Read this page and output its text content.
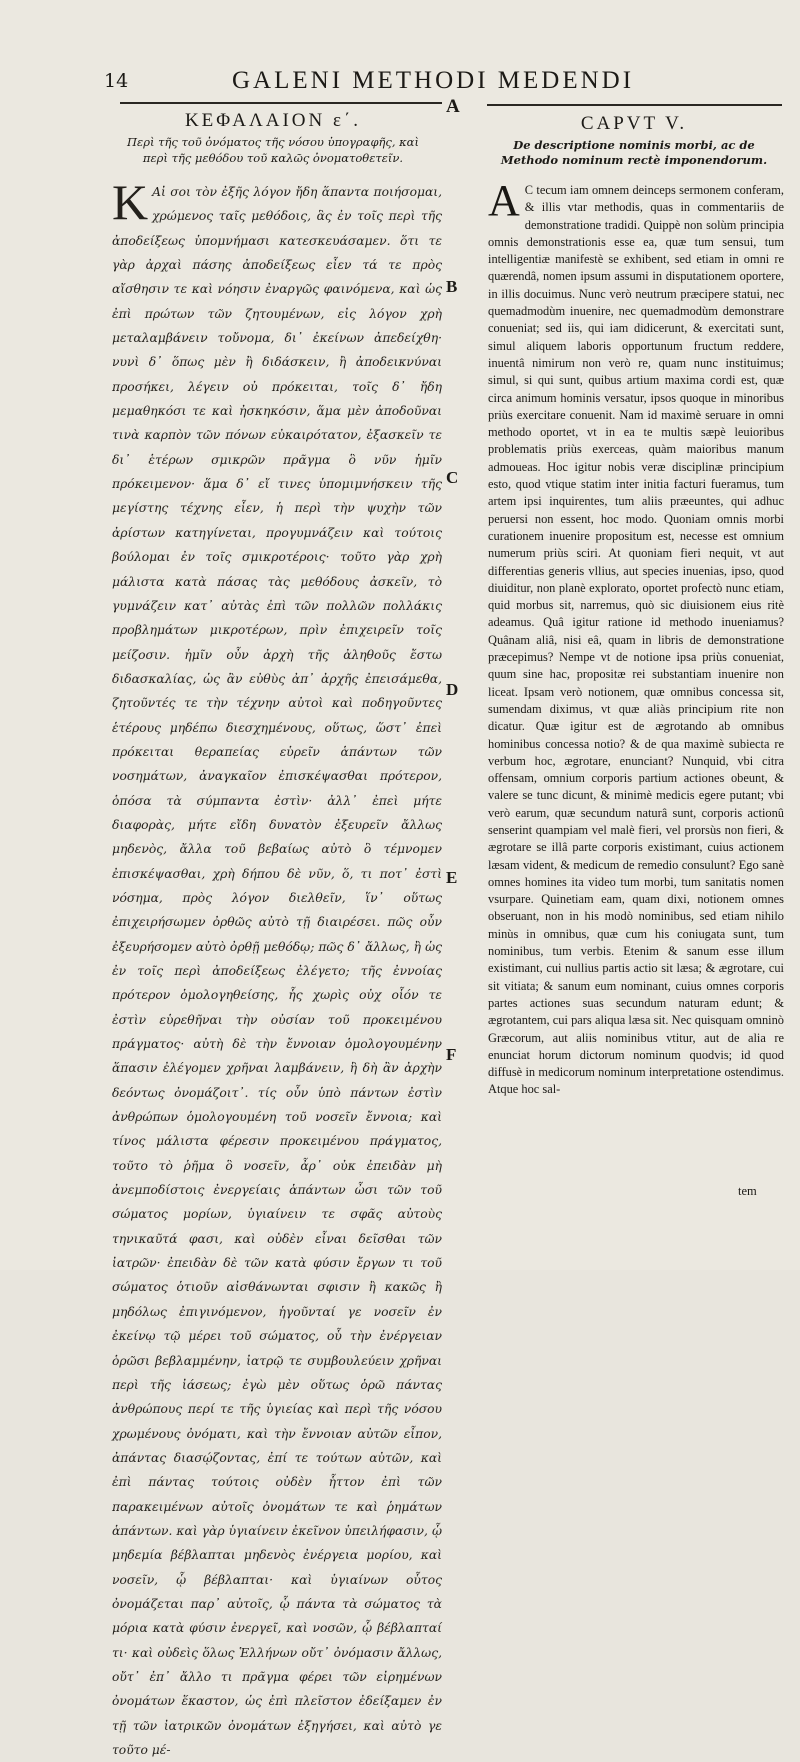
14	GALENI METHODI MEDENDI
A
ΚΕΦΑΛΑΙΟΝ ε΄.
Περὶ τῆς τοῦ ὀνόματος τῆς νόσου ὑπογραφῆς, καὶ περὶ τῆς μεθόδου τοῦ καλῶς ὀνοματοθετεῖν.
CAPVT V.
De descriptione nominis morbi, ac de Methodo nominum rectè imponendorum.
Κ Αἰ σοι τὸν ἐξῆς λόγον ἤδη ἅπαντα ποιήσομαι, χρώμενος ταῖς μεθόδοις, ἃς ἐν τοῖς περὶ τῆς ἀποδείξεως ὑπομνήμασι κατεσκευάσαμεν. ὅτι τε γὰρ ἀρχαὶ πάσης ἀποδείξεως εἶεν τά τε πρὸς αἴσθησιν τε καὶ νόησιν ἐναργῶς φαινόμενα, καὶ ὡς ἐπὶ πρώτων τῶν ζητουμένων, εἰς λόγον χρὴ μεταλαμβάνειν τοὔνομα, δι᾽ ἐκείνων ἀπεδείχθη· νυνὶ δ᾽ ὅπως μὲν ἢ διδάσκειν, ἢ ἀποδεικνύναι προσήκει, λέγειν οὐ πρόκειται, τοῖς δ᾽ ἤδη μεμαθηκόσι τε καὶ ἠσκηκόσιν, ἅμα μὲν ἀποδοῦναι τινὰ καρπὸν τῶν πόνων εὐκαιρότατον, ἐξασκεῖν τε δι᾽ ἑτέρων σμικρῶν πρᾶγμα ὃ νῦν ἡμῖν πρόκειμενον· ἅμα δ᾽ εἴ τινες ὑπομιμνήσκειν τῆς μεγίστης τέχνης εἶεν, ἡ περὶ τὴν ψυχὴν τῶν ἀρίστων κατηγίνεται, προγυμνάζειν καὶ τούτοις βούλομαι ἐν τοῖς σμικροτέροις· τοῦτο γὰρ χρὴ μάλιστα κατὰ πάσας τὰς μεθόδους ἀσκεῖν, τὸ γυμνάζειν κατ᾽ αὐτὰς ἐπὶ τῶν πολλῶν πολλάκις προβλημάτων μικροτέρων, πρὶν ἐπιχειρεῖν τοῖς μείζοσιν. ἡμῖν οὖν ἀρχὴ τῆς ἀληθοῦς ἔστω διδασκαλίας, ὡς ἂν εὐθὺς ἀπ᾽ ἀρχῆς ἐπεισάμεθα, ζητοῦντές τε τὴν τέχνην αὐτοὶ καὶ ποδηγοῦντες ἑτέρους μηδέπω διεσχημένους, οὕτως, ὥστ᾽ ἐπεὶ πρόκειται θεραπείας εὑρεῖν ἁπάντων τῶν νοσημάτων, ἀναγκαῖον ἐπισκέψασθαι πρότερον, ὁπόσα τὰ σύμπαντα ἐστὶν· ἀλλ᾽ ἐπεὶ μήτε διαφορὰς, μήτε εἴδη δυνατὸν ἐξευρεῖν ἄλλως μηδενὸς, ἄλλα τοῦ βεβαίως αὐτὸ ὃ τέμνομεν ἐπισκέψασθαι, χρὴ δήπου δὲ νῦν, ὅ, τι ποτ᾽ ἐστὶ νόσημα, πρὸς λόγον διελθεῖν, ἵν᾽ οὕτως ἐπιχειρήσωμεν ὀρθῶς αὐτὸ τῇ διαιρέσει. πῶς οὖν ἐξευρήσομεν αὐτὸ ὀρθῇ μεθόδῳ; πῶς δ᾽ ἄλλως, ἢ ὡς ἐν τοῖς περὶ ἀποδείξεως ἐλέγετο; τῆς ἐννοίας πρότερον ὁμολογηθείσης, ἧς χωρὶς οὐχ οἷόν τε ἐστὶν εὑρεθῆναι τὴν οὐσίαν τοῦ προκειμένου πράγματος· αὐτὴ δὲ τὴν ἔννοιαν ὁμολογουμένην ἅπασιν ἐλέγομεν χρῆναι λαμβάνειν, ἣ δὴ ἂν ἀρχὴν δεόντως ὀνομάζοιτ᾽. τίς οὖν ὑπὸ πάντων ἐστὶν ἀνθρώπων ὁμολογουμένη τοῦ νοσεῖν ἔννοια; καὶ τίνος μάλιστα φέρεσιν προκειμένου πράγματος, τοῦτο τὸ ῥῆμα ὃ νοσεῖν, ἆρ᾽ οὐκ ἐπειδὰν μὴ ἀνεμποδίστοις ἐνεργείαις ἁπάντων ὦσι τῶν τοῦ σώματος μορίων, ὑγιαίνειν τε σφᾶς αὐτοὺς τηνικαῦτά φασι, καὶ οὐδὲν εἶναι δεῖσθαι τῶν ἰατρῶν· ἐπειδὰν δὲ τῶν κατὰ φύσιν ἔργων τι τοῦ σώματος ὁτιοῦν αἰσθάνωνται σφισιν ἢ κακῶς ἢ μηδόλως ἐπιγινόμενον, ἡγοῦνταί γε νοσεῖν ἐν ἐκείνῳ τῷ μέρει τοῦ σώματος, οὗ τὴν ἐνέργειαν ὁρῶσι βεβλαμμένην, ἰατρῷ τε συμβουλεύειν χρῆναι περὶ τῆς ἰάσεως; ἐγὼ μὲν οὕτως ὁρῶ πάντας ἀνθρώπους περί τε τῆς ὑγιείας καὶ περὶ τῆς νόσου χρωμένους ὀνόματι, καὶ τὴν ἔννοιαν αὐτῶν εἶπον, ἀπάντας διασῴζοντας, ἐπί τε τούτων αὐτῶν, καὶ ἐπὶ πάντας τούτοις οὐδὲν ἧττον ἐπὶ τῶν παρακειμένων αὐτοῖς ὀνομάτων τε καὶ ῥημάτων ἁπάντων. καὶ γὰρ ὑγιαίνειν ἐκεῖνον ὑπειλήφασιν, ᾧ μηδεμία βέβλαπται μηδενὸς ἐνέργεια μορίου, καὶ νοσεῖν, ᾧ βέβλαπται· καὶ ὑγιαίνων οὗτος ὀνομάζεται παρ᾽ αὐτοῖς, ᾧ πάντα τὰ σώματος τὰ μόρια κατὰ φύσιν ἐνεργεῖ, καὶ νοσῶν, ᾧ βέβλαπταί τι· καὶ οὐδεὶς ὅλως Ἑλλήνων οὔτ᾽ ὀνόμασιν ἄλλως, οὔτ᾽ ἐπ᾽ ἄλλο τι πρᾶγμα φέρει τῶν εἰρημένων ὀνομάτων ἕκαστον, ὡς ἐπὶ πλεῖστον ἐδείξαμεν ἐν τῇ τῶν ἰατρικῶν ὀνομάτων ἐξηγήσει, καὶ αὐτὸ γε τοῦτο μέ-
A C tecum iam omnem deinceps sermonem conferam, & illis vtar methodis, quas in commentariis de demonstratione tradidi. Quippè non solùm principia omnis demonstrationis esse ea, quæ tum sensui, tum intelligentiæ manifestè se exhibent, sed etiam in omni re quærendâ, nomen ipsum assumi in disputationem oportere, in illis docuimus. Nunc verò neutrum præcipere statui, nec quemadmodùm inuenire, nec quemadmodùm demonstrare conueniat; sed iis, qui iam didicerunt, & exercitati sunt, simul aliquem laboris opportunum fructum reddere, inuentâ nimirum non verò re, quam nunc instituimus; simul, si qui sunt, quibus artium maxima cordi est, quæ circa animum hominis versatur, ipsos quoque in minoribus priùs exercitare conuenit. Nam id maximè seruare in omni methodo oportet, vt in ea te multis sæpè leuioribus problematis priùs exerceas, quàm maioribus manum admoueas. Hoc igitur nobis veræ disciplinæ principium esto, quod vtique statim inter initia facturi fueramus, tum artem ipsi inquirentes, tum aliis præeuntes, qui adhuc peruersi non essent, hoc modo. Quoniam omnis morbi curationem inuenire propositum est, necesse est omnium numerum priùs sciri. At quoniam fieri nequit, vt aut differentias generis vllius, aut species inuenias, ipso, quod diuiditur, non planè explorato, oportet profectò nunc etiam, quid morbus sit, narremus, quò sic diuisionem eius ritè adeamus. Quâ igitur ratione id methodo inueniamus? Quânam aliâ, nisi eâ, quam in libris de demonstratione præcepimus? Nempe vt de notione ipsa priùs conueniat, quum sine hac, propositæ rei substantiam inuenire non liceat. Ipsam verò notionem, quæ omnibus concessa sit, sumendam diximus, vt quæ aliàs principium rite non dicatur. Quæ igitur est de ægrotando ab omnibus hominibus concessa notio? & de qua maximè subiecta re verbum hoc, ægrotare, enunciant? Nunquid, vbi citra offensam, omnium corporis partium actiones obeunt, & valere se tunc dicunt, & minimè medicis egere putant; vbi verò earum, quæ secundum naturâ sunt, corporis actionû senserint quampiam vel malè fieri, vel prorsùs non fieri, & ægrotare se illâ parte corporis existimant, cuius actionem læsam vident, & medicum de remedio consulunt? Ego sanè omnes homines ita video tum morbi, tum sanitatis nomen vsurpare. Quinetiam eam, quam dixi, notionem omnes obseruant, non in his modò nominibus, sed etiam nihilo minùs in omnibus, quæ cum his coniugata sunt, tum nominibus, tum verbis. Etenim & sanum esse illum existimant, cui nullius partis actio sit læsa; & ægrotare, cui sit vitiata; & sanum eum nominant, cuius omnes corporis partes actiones suas secundum naturam edunt; & ægrotantem, cui pars aliqua læsa sit. Nec quisquam omninò Græcorum, aut aliis nominibus vtitur, aut de alia re enunciat horum dictorum nominum quodvis; id quod diffusè in medicorum nominum interpretatione ostendimus. Atque hoc sal-
tem
B
C
D
E
F
